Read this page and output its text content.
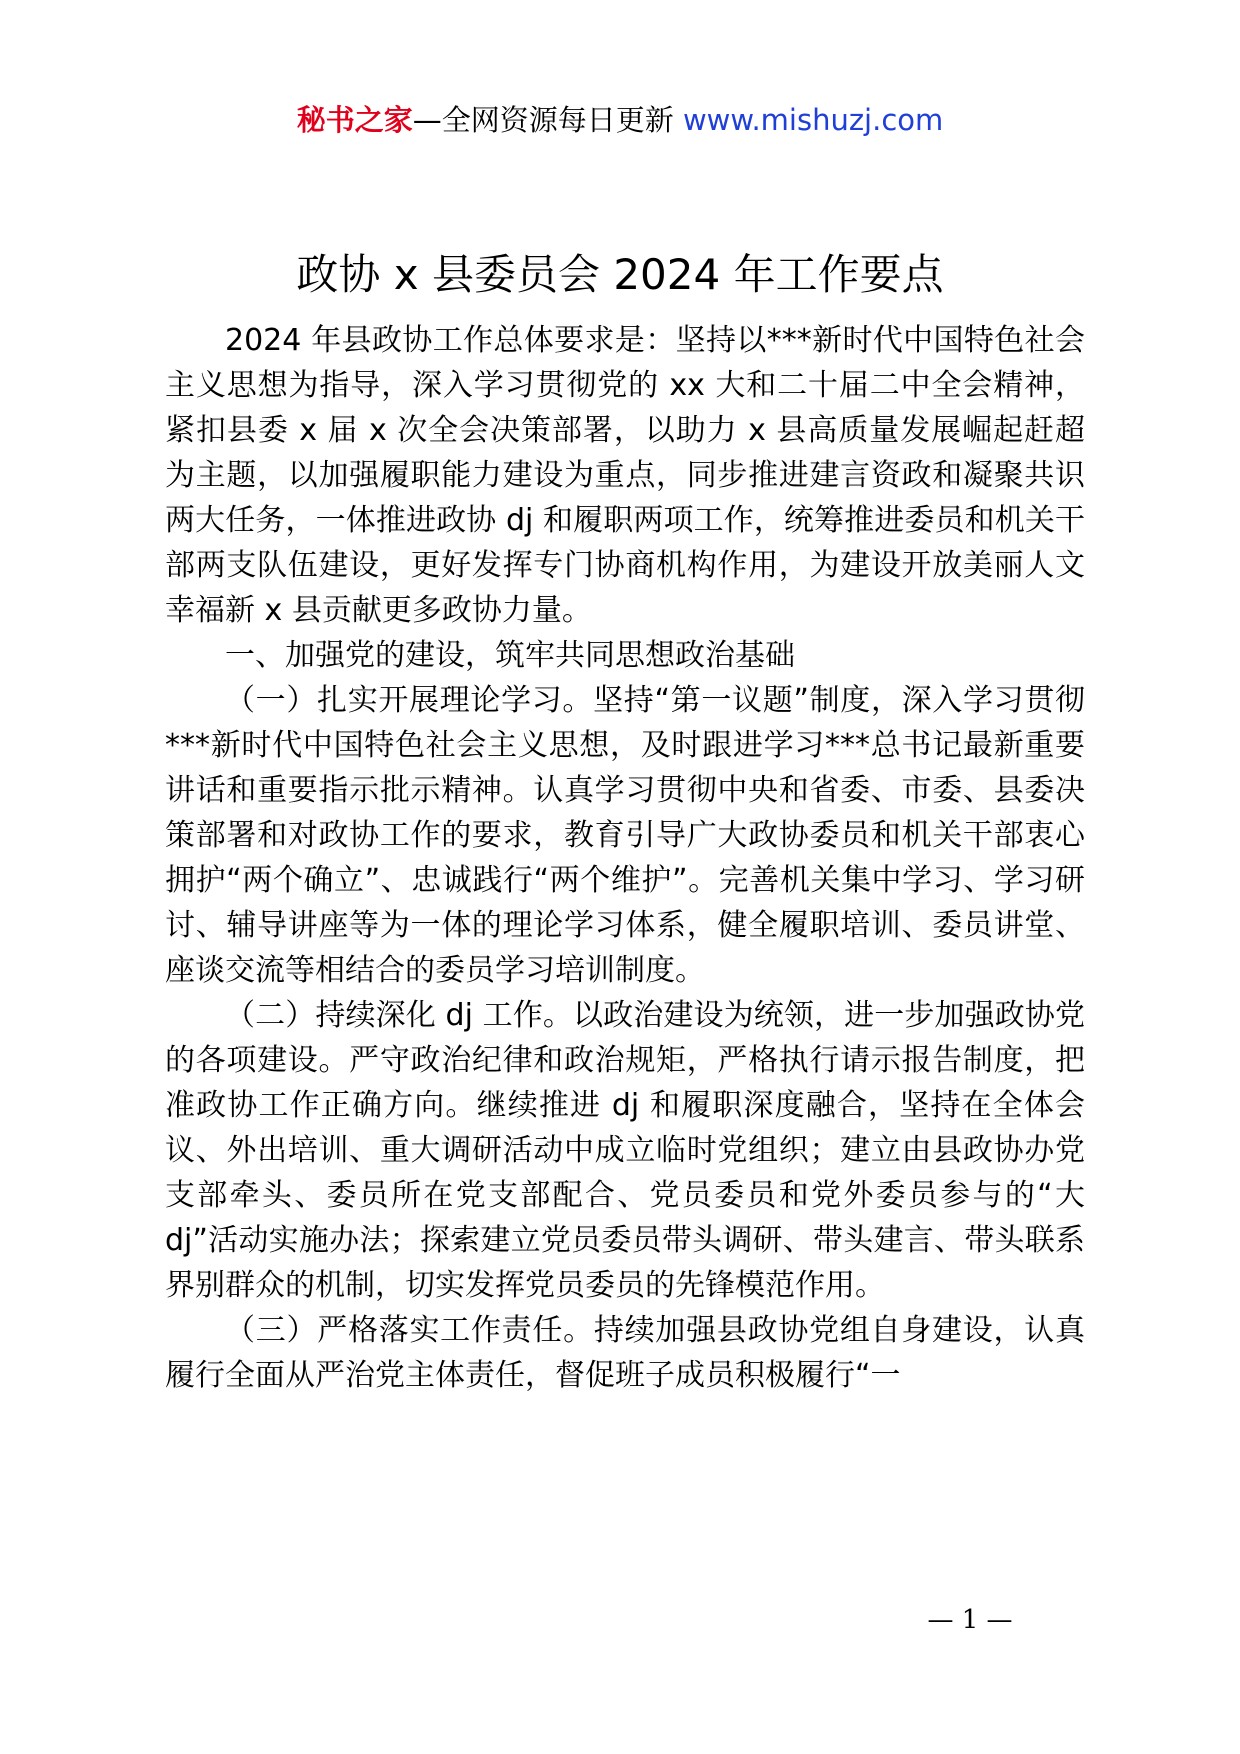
秘书之家—全网资源每日更新 www.mishuzj.com
政协 x 县委员会 2024 年工作要点

2024 年县政协工作总体要求是：坚持以***新时代中国特色社会主义思想为指导，深入学习贯彻党的 xx 大和二十届二中全会精神，紧扣县委 x 届 x 次全会决策部署，以助力 x 县高质量发展崛起赶超为主题，以加强履职能力建设为重点，同步推进建言资政和凝聚共识两大任务，一体推进政协 dj 和履职两项工作，统筹推进委员和机关干部两支队伍建设，更好发挥专门协商机构作用，为建设开放美丽人文幸福新 x 县贡献更多政协力量。

一、加强党的建设，筑牢共同思想政治基础

（一）扎实开展理论学习。坚持“第一议题”制度，深入学习贯彻***新时代中国特色社会主义思想，及时跟进学习***总书记最新重要讲话和重要指示批示精神。认真学习贯彻中央和省委、市委、县委决策部署和对政协工作的要求，教育引导广大政协委员和机关干部衷心拥护“两个确立”、忠诚践行“两个维护”。完善机关集中学习、学习研讨、辅导讲座等为一体的理论学习体系，健全履职培训、委员讲堂、座谈交流等相结合的委员学习培训制度。

（二）持续深化 dj 工作。以政治建设为统领，进一步加强政协党的各项建设。严守政治纪律和政治规矩，严格执行请示报告制度，把准政协工作正确方向。继续推进 dj 和履职深度融合，坚持在全体会议、外出培训、重大调研活动中成立临时党组织；建立由县政协办党支部牵头、委员所在党支部配合、党员委员和党外委员参与的“大 dj”活动实施办法；探索建立党员委员带头调研、带头建言、带头联系界别群众的机制，切实发挥党员委员的先锋模范作用。

（三）严格落实工作责任。持续加强县政协党组自身建设，认真履行全面从严治党主体责任，督促班子成员积极履行“一

— 1 —
